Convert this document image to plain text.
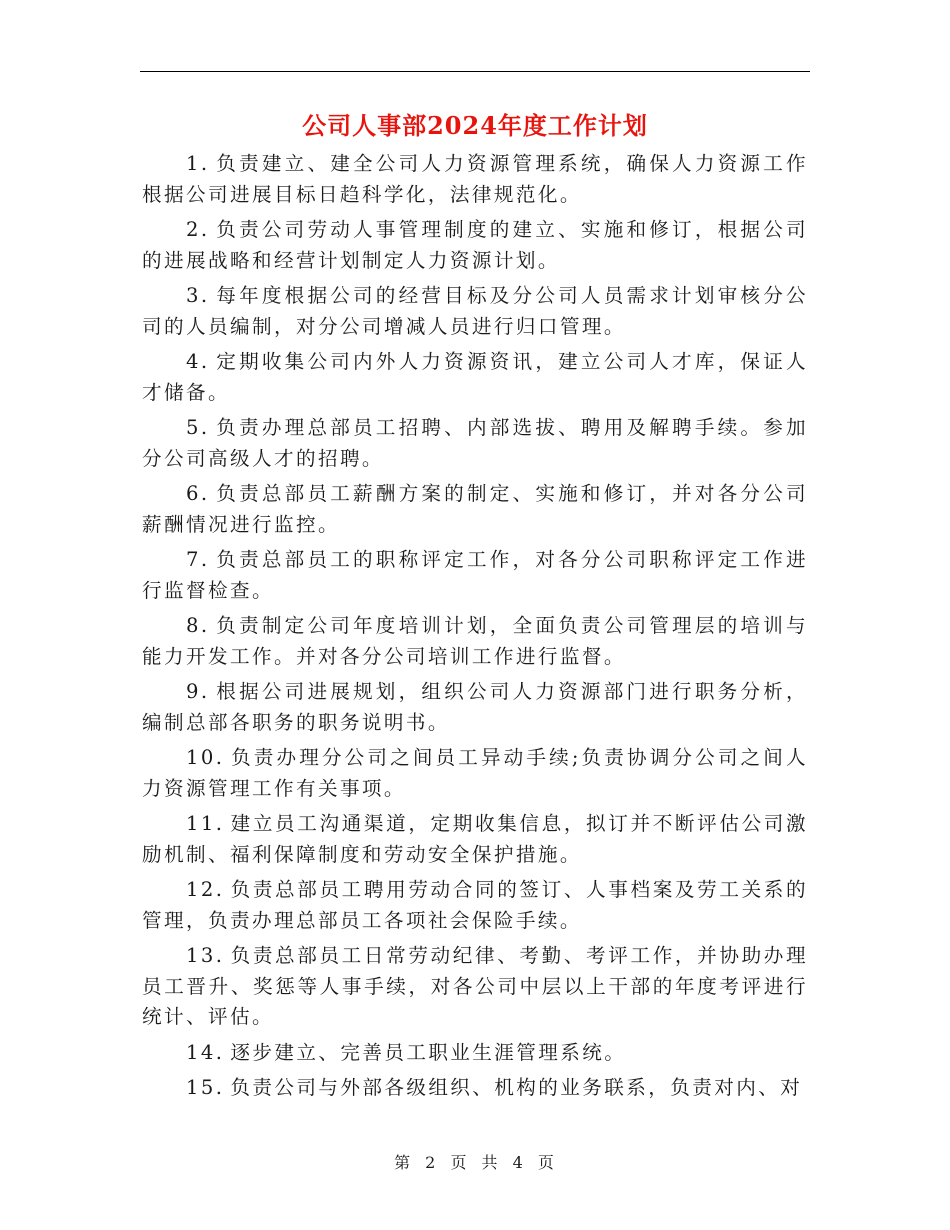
公司人事部2024年度工作计划
1. 负责建立、建全公司人力资源管理系统，确保人力资源工作根据公司进展目标日趋科学化，法律规范化。
2. 负责公司劳动人事管理制度的建立、实施和修订，根据公司的进展战略和经营计划制定人力资源计划。
3. 每年度根据公司的经营目标及分公司人员需求计划审核分公司的人员编制，对分公司增减人员进行归口管理。
4. 定期收集公司内外人力资源资讯，建立公司人才库，保证人才储备。
5. 负责办理总部员工招聘、内部选拔、聘用及解聘手续。参加分公司高级人才的招聘。
6. 负责总部员工薪酬方案的制定、实施和修订，并对各分公司薪酬情况进行监控。
7. 负责总部员工的职称评定工作，对各分公司职称评定工作进行监督检查。
8. 负责制定公司年度培训计划，全面负责公司管理层的培训与能力开发工作。并对各分公司培训工作进行监督。
9. 根据公司进展规划，组织公司人力资源部门进行职务分析，编制总部各职务的职务说明书。
10. 负责办理分公司之间员工异动手续;负责协调分公司之间人力资源管理工作有关事项。
11. 建立员工沟通渠道，定期收集信息，拟订并不断评估公司激励机制、福利保障制度和劳动安全保护措施。
12. 负责总部员工聘用劳动合同的签订、人事档案及劳工关系的管理，负责办理总部员工各项社会保险手续。
13. 负责总部员工日常劳动纪律、考勤、考评工作，并协助办理员工晋升、奖惩等人事手续，对各公司中层以上干部的年度考评进行统计、评估。
14. 逐步建立、完善员工职业生涯管理系统。
15. 负责公司与外部各级组织、机构的业务联系，负责对内、对
第 2 页 共 4 页
